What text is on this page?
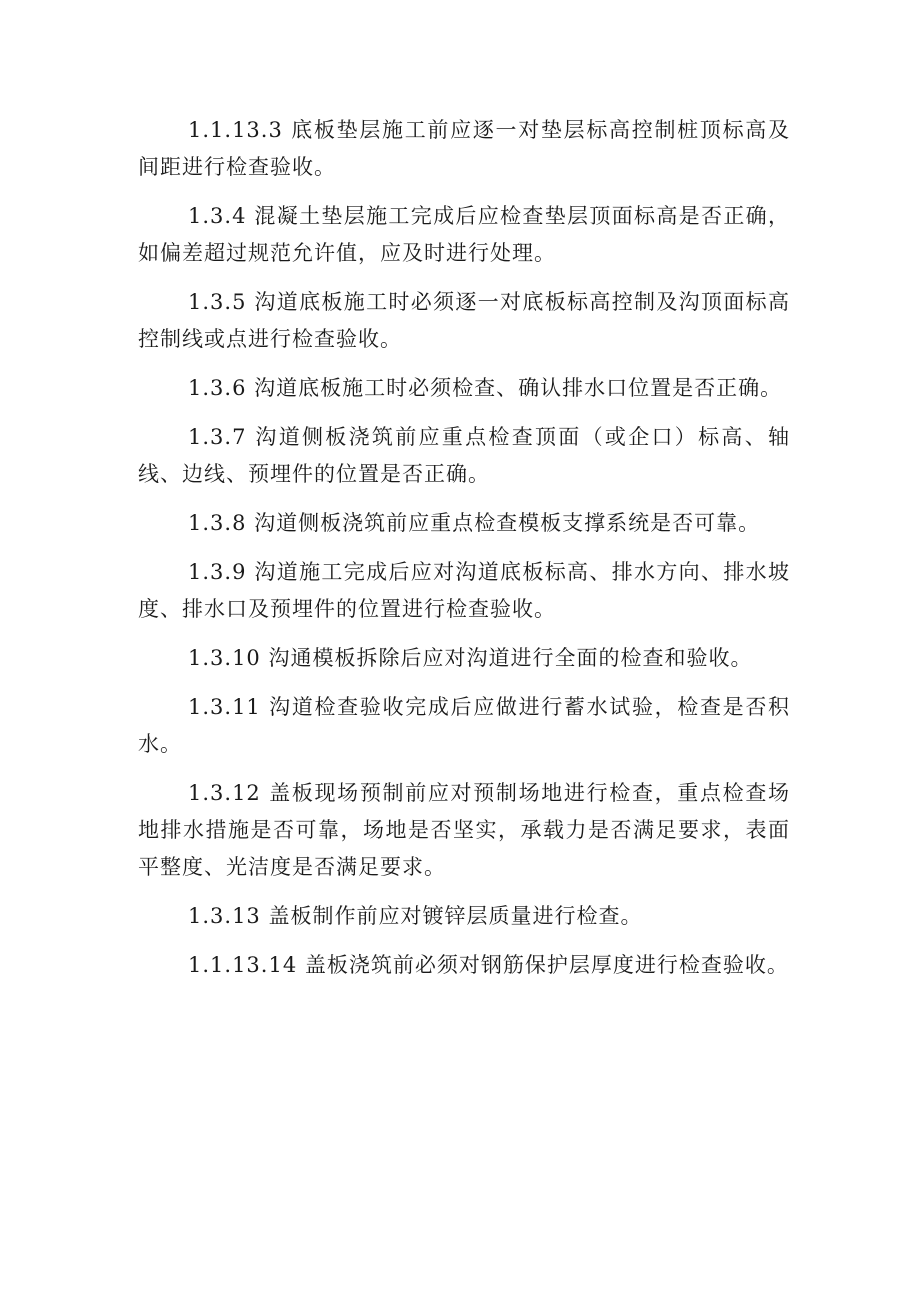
1.1.13.3 底板垫层施工前应逐一对垫层标高控制桩顶标高及间距进行检查验收。

1.3.4 混凝土垫层施工完成后应检查垫层顶面标高是否正确，如偏差超过规范允许值，应及时进行处理。

1.3.5 沟道底板施工时必须逐一对底板标高控制及沟顶面标高控制线或点进行检查验收。

1.3.6 沟道底板施工时必须检查、确认排水口位置是否正确。

1.3.7 沟道侧板浇筑前应重点检查顶面（或企口）标高、轴线、边线、预埋件的位置是否正确。

1.3.8 沟道侧板浇筑前应重点检查模板支撑系统是否可靠。

1.3.9 沟道施工完成后应对沟道底板标高、排水方向、排水坡度、排水口及预埋件的位置进行检查验收。

1.3.10 沟通模板拆除后应对沟道进行全面的检查和验收。

1.3.11 沟道检查验收完成后应做进行蓄水试验，检查是否积水。

1.3.12 盖板现场预制前应对预制场地进行检查，重点检查场地排水措施是否可靠，场地是否坚实，承载力是否满足要求，表面平整度、光洁度是否满足要求。

1.3.13 盖板制作前应对镀锌层质量进行检查。

1.1.13.14 盖板浇筑前必须对钢筋保护层厚度进行检查验收。
